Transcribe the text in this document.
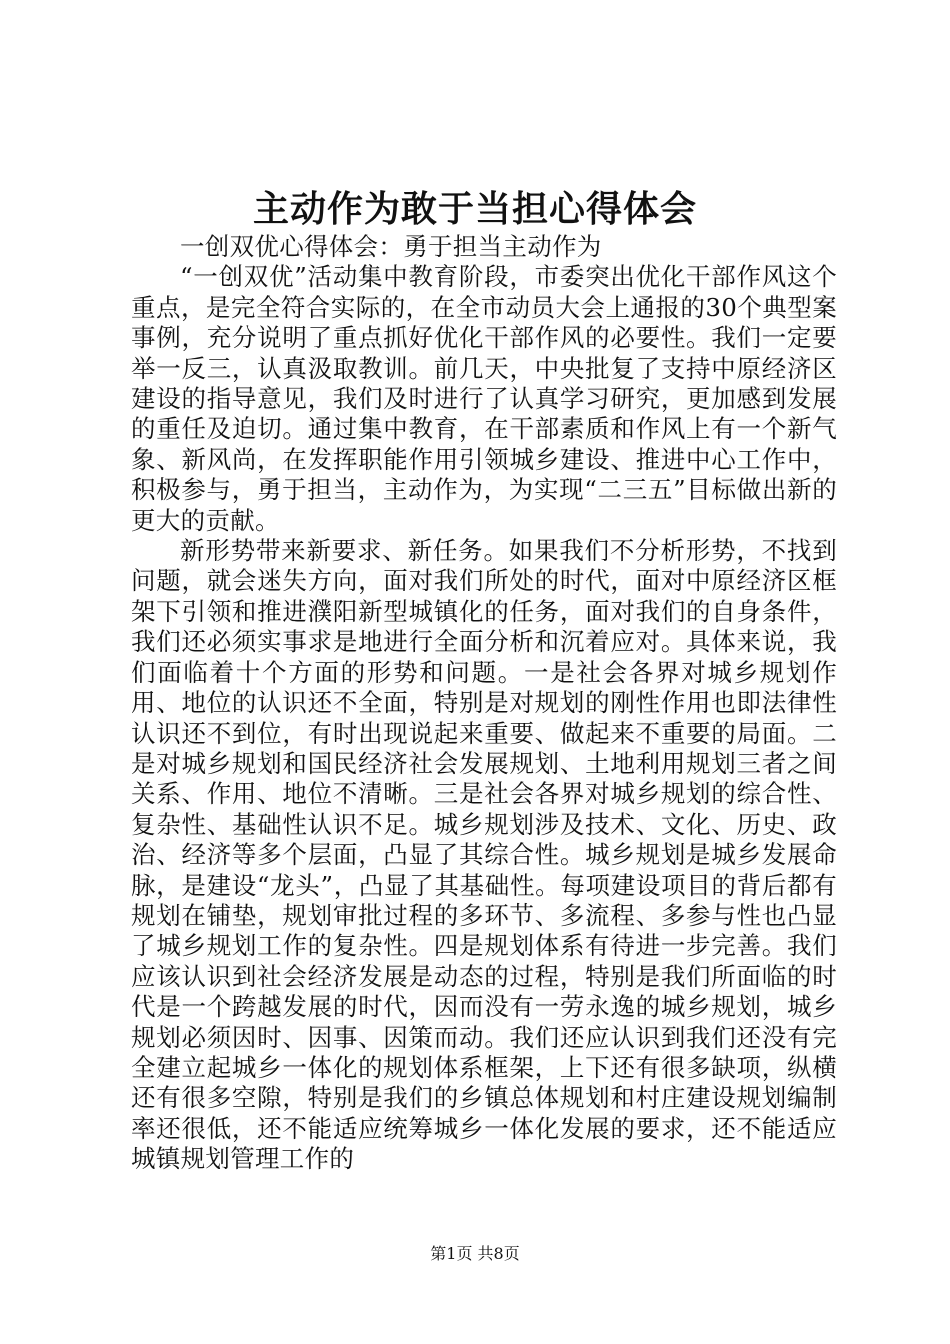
主动作为敢于当担心得体会

一创双优心得体会：勇于担当主动作为

“一创双优”活动集中教育阶段，市委突出优化干部作风这个重点，是完全符合实际的，在全市动员大会上通报的30个典型案事例，充分说明了重点抓好优化干部作风的必要性。我们一定要举一反三，认真汲取教训。前几天，中央批复了支持中原经济区建设的指导意见，我们及时进行了认真学习研究，更加感到发展的重任及迫切。通过集中教育，在干部素质和作风上有一个新气象、新风尚，在发挥职能作用引领城乡建设、推进中心工作中，积极参与，勇于担当，主动作为，为实现“二三五”目标做出新的更大的贡献。

新形势带来新要求、新任务。如果我们不分析形势，不找到问题，就会迷失方向，面对我们所处的时代，面对中原经济区框架下引领和推进濮阳新型城镇化的任务，面对我们的自身条件，我们还必须实事求是地进行全面分析和沉着应对。具体来说，我们面临着十个方面的形势和问题。一是社会各界对城乡规划作用、地位的认识还不全面，特别是对规划的刚性作用也即法律性认识还不到位，有时出现说起来重要、做起来不重要的局面。二是对城乡规划和国民经济社会发展规划、土地利用规划三者之间关系、作用、地位不清晰。三是社会各界对城乡规划的综合性、复杂性、基础性认识不足。城乡规划涉及技术、文化、历史、政治、经济等多个层面，凸显了其综合性。城乡规划是城乡发展命脉，是建设“龙头”，凸显了其基础性。每项建设项目的背后都有规划在铺垫，规划审批过程的多环节、多流程、多参与性也凸显了城乡规划工作的复杂性。四是规划体系有待进一步完善。我们应该认识到社会经济发展是动态的过程，特别是我们所面临的时代是一个跨越发展的时代，因而没有一劳永逸的城乡规划，城乡规划必须因时、因事、因策而动。我们还应认识到我们还没有完全建立起城乡一体化的规划体系框架，上下还有很多缺项，纵横还有很多空隙，特别是我们的乡镇总体规划和村庄建设规划编制率还很低，还不能适应统筹城乡一体化发展的要求，还不能适应城镇规划管理工作的

第1页 共8页
